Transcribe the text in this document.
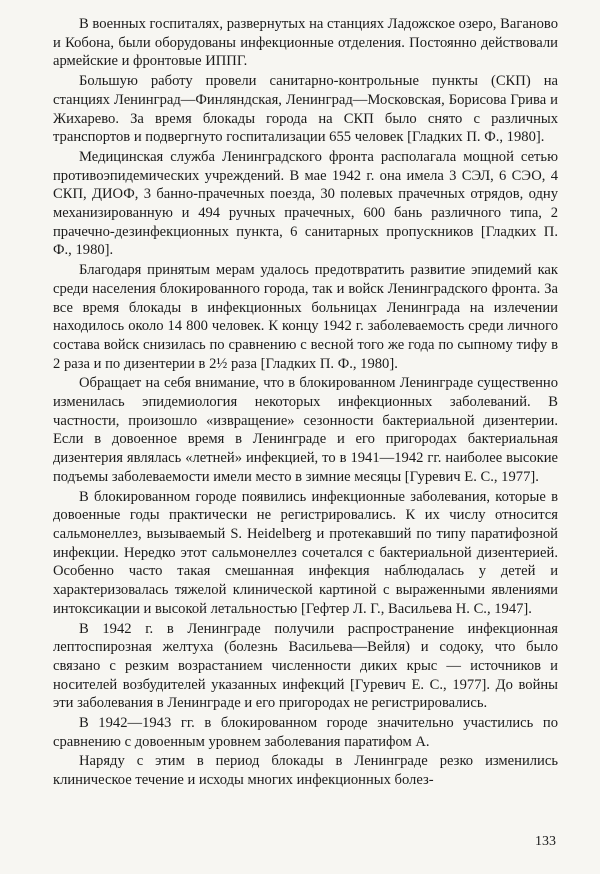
В военных госпиталях, развернутых на станциях Ладожское озеро, Ваганово и Кобона, были оборудованы инфекционные отделения. Постоянно действовали армейские и фронтовые ИППГ.

Большую работу провели санитарно-контрольные пункты (СКП) на станциях Ленинград—Финляндская, Ленинград—Московская, Борисова Грива и Жихарево. За время блокады города на СКП было снято с различных транспортов и подвергнуто госпитализации 655 человек [Гладких П. Ф., 1980].

Медицинская служба Ленинградского фронта располагала мощной сетью противоэпидемических учреждений. В мае 1942 г. она имела 3 СЭЛ, 6 СЭО, 4 СКП, ДИОФ, 3 банно-прачечных поезда, 30 полевых прачечных отрядов, одну механизированную и 494 ручных прачечных, 600 бань различного типа, 2 прачечно-дезинфекционных пункта, 6 санитарных пропускников [Гладких П. Ф., 1980].

Благодаря принятым мерам удалось предотвратить развитие эпидемий как среди населения блокированного города, так и войск Ленинградского фронта. За все время блокады в инфекционных больницах Ленинграда на излечении находилось около 14 800 человек. К концу 1942 г. заболеваемость среди личного состава войск снизилась по сравнению с весной того же года по сыпному тифу в 2 раза и по дизентерии в 2½ раза [Гладких П. Ф., 1980].

Обращает на себя внимание, что в блокированном Ленинграде существенно изменилась эпидемиология некоторых инфекционных заболеваний. В частности, произошло «извращение» сезонности бактериальной дизентерии. Если в довоенное время в Ленинграде и его пригородах бактериальная дизентерия являлась «летней» инфекцией, то в 1941—1942 гг. наиболее высокие подъемы заболеваемости имели место в зимние месяцы [Гуревич Е. С., 1977].

В блокированном городе появились инфекционные заболевания, которые в довоенные годы практически не регистрировались. К их числу относится сальмонеллез, вызываемый S. Heidelberg и протекавший по типу паратифозной инфекции. Нередко этот сальмонеллез сочетался с бактериальной дизентерией. Особенно часто такая смешанная инфекция наблюдалась у детей и характеризовалась тяжелой клинической картиной с выраженными явлениями интоксикации и высокой летальностью [Гефтер Л. Г., Васильева Н. С., 1947].

В 1942 г. в Ленинграде получили распространение инфекционная лептоспирозная желтуха (болезнь Васильева—Вейля) и содоку, что было связано с резким возрастанием численности диких крыс — источников и носителей возбудителей указанных инфекций [Гуревич Е. С., 1977]. До войны эти заболевания в Ленинграде и его пригородах не регистрировались.

В 1942—1943 гг. в блокированном городе значительно участились по сравнению с довоенным уровнем заболевания паратифом А.

Наряду с этим в период блокады в Ленинграде резко изменились клиническое течение и исходы многих инфекционных болез-

133
